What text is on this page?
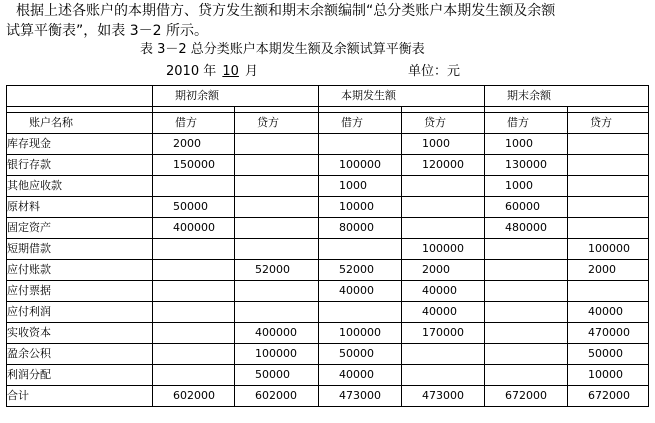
根据上述各账户的本期借方、贷方发生额和期末余额编制“总分类账户本期发生额及余额
试算平衡表”，如表 3－2 所示。
表 3－2 总分类账户本期发生额及余额试算平衡表
2010 年 10 月	单位：元
	期初余额		本期发生额		期末余额	

账户名称	借方	贷方	借方	贷方	借方	贷方
库存现金	2000			1000	1000	
银行存款	150000		100000	120000	130000	
其他应收款			1000		1000	
原材料	50000		10000		60000	
固定资产	400000		80000		480000	
短期借款				100000		100000
应付账款		52000	52000	2000		2000
应付票据			40000	40000		
应付利润				40000		40000
实收资本		400000	100000	170000		470000
盈余公积		100000	50000			50000
利润分配		50000	40000			10000
合计	602000	602000	473000	473000	672000	672000
